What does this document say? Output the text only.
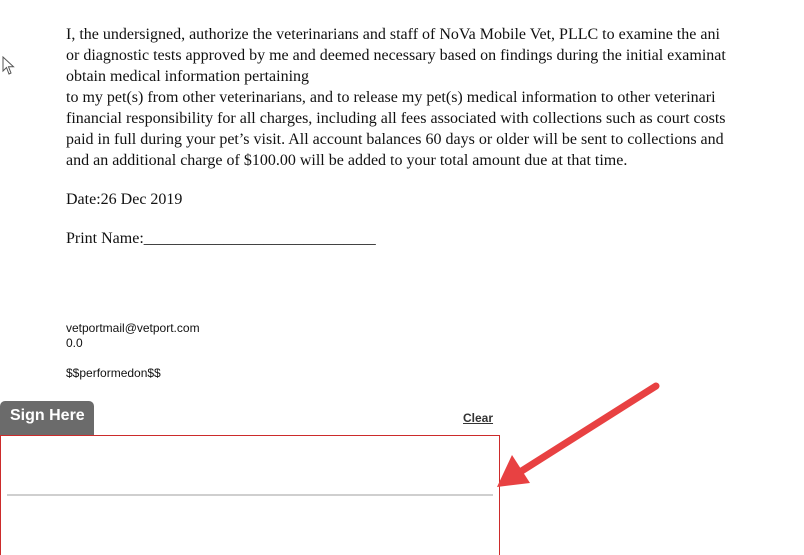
I, the undersigned, authorize the veterinarians and staff of NoVa Mobile Vet, PLLC to examine the ani
or diagnostic tests approved by me and deemed necessary based on findings during the initial examinat
obtain medical information pertaining
to my pet(s) from other veterinarians, and to release my pet(s) medical information to other veterinari
financial responsibility for all charges, including all fees associated with collections such as court costs
paid in full during your pet’s visit. All account balances 60 days or older will be sent to collections and
and an additional charge of $100.00 will be added to your total amount due at that time.
Date:26 Dec 2019
Print Name:_____________________________
vetportmail@vetport.com
0.0
$$performedon$$
Sign Here	Clear
